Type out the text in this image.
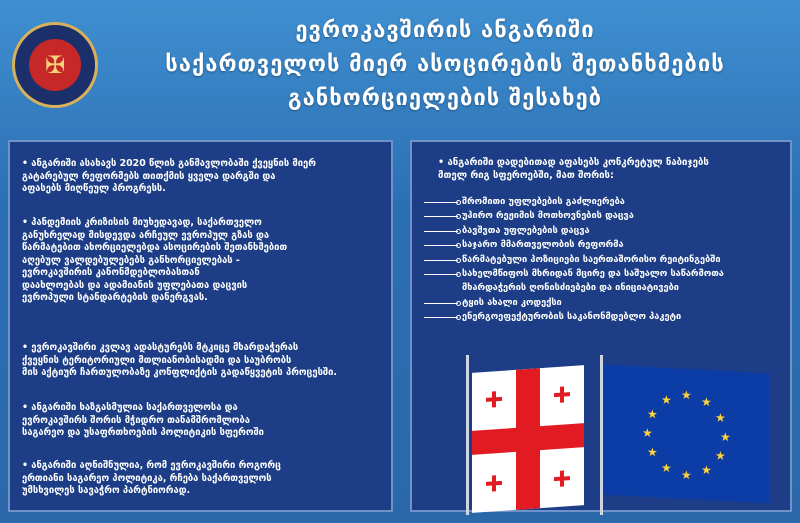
✠
ევროკავშირის ანგარიში
საქართველოს მიერ ასოცირების შეთანხმების
განხორციელების შესახებ
• ანგარიში ასახავს 2020 წლის განმავლობაში ქვეყნის მიერ
გატარებულ რეფორმებს თითქმის ყველა დარგში და
აფასებს მიღწეულ პროგრესს.
• პანდემიის კრიზისის მიუხედავად, საქართველო
განუხრელად მისდევდა არჩეულ ევროპულ გზას და
წარმატებით ახორციელებდა ასოცირების შეთანხმებით
აღებულ ვალდებულებებს განხორციელებას -
ევროკავშირის კანონმდებლობასთან
დაახლოებას და ადამიანის უფლებათა დაცვის
ევროპული სტანდარტების დანერგვას.
• ევროკავშირი კვლავ ადასტურებს მტკიცე მხარდაჭერას
ქვეყნის ტერიტორიული მთლიანობისადმი და საუბრობს
მის აქტიურ ჩართულობაზე კონფლიქტის გადაწყვეტის პროცესში.
• ანგარიში ხაზგასმულია საქართველოსა და
ევროკავშირს შორის მჭიდრო თანამშრომლობა
საგარეო და უსაფრთხოების პოლიტიკის სფეროში
• ანგარიში აღნიშნულია, რომ ევროკავშირი როგორც
ერთიანი საგარეო პოლიტიკა, რჩება საქართველოს
უმსხვილეს სავაჭრო პარტნიორად.
• ანგარიში დადებითად აფასებს კონკრეტულ ნაბიჯებს
მთელ რიგ სფეროებში, მათ შორის:
შრომითი უფლებების გაძლიერება
უპირო რეჟიმის მოთხოვნების დაცვა
ბავშვთა უფლებების დაცვა
საჯარო მმართველობის რეფორმა
წარმატებული პოზიციები საერთაშორისო რეიტინგებში
სახელმწიფოს მხრიდან მცირე და საშუალო საწარმოთა
მხარდაჭერის ღონისძიებები და ინიციატივები
ტყის ახალი კოდექსი
ენერგოეფექტურობის საკანონმდებლო პაკეტი
★ ★
★
★
★
★
★
★
★
★
★
★
